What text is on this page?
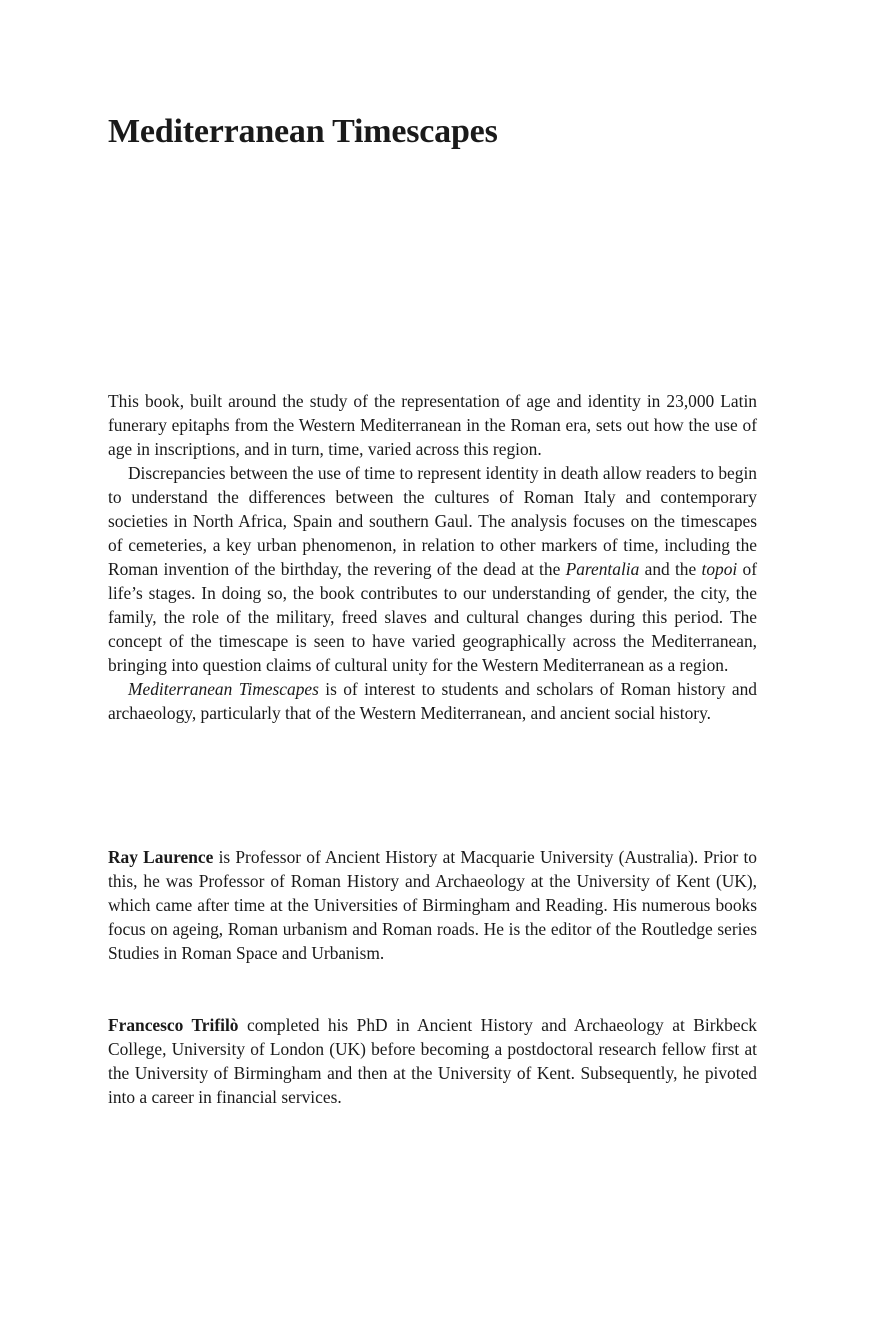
Mediterranean Timescapes

This book, built around the study of the representation of age and identity in 23,000 Latin funerary epitaphs from the Western Mediterranean in the Roman era, sets out how the use of age in inscriptions, and in turn, time, varied across this region.

Discrepancies between the use of time to represent identity in death allow readers to begin to understand the differences between the cultures of Roman Italy and contemporary societies in North Africa, Spain and southern Gaul. The analysis focuses on the timescapes of cemeteries, a key urban phenomenon, in relation to other markers of time, including the Roman invention of the birthday, the revering of the dead at the Parentalia and the topoi of life’s stages. In doing so, the book contributes to our understanding of gender, the city, the family, the role of the military, freed slaves and cultural changes during this period. The concept of the timescape is seen to have varied geographically across the Mediterranean, bringing into question claims of cultural unity for the Western Mediterranean as a region.

Mediterranean Timescapes is of interest to students and scholars of Roman history and archaeology, particularly that of the Western Mediterranean, and ancient social history.

Ray Laurence is Professor of Ancient History at Macquarie University (Australia). Prior to this, he was Professor of Roman History and Archaeology at the University of Kent (UK), which came after time at the Universities of Birmingham and Reading. His numerous books focus on ageing, Roman urbanism and Roman roads. He is the editor of the Routledge series Studies in Roman Space and Urbanism.

Francesco Trifilò completed his PhD in Ancient History and Archaeology at Birkbeck College, University of London (UK) before becoming a postdoctoral research fellow first at the University of Birmingham and then at the University of Kent. Subsequently, he pivoted into a career in financial services.
